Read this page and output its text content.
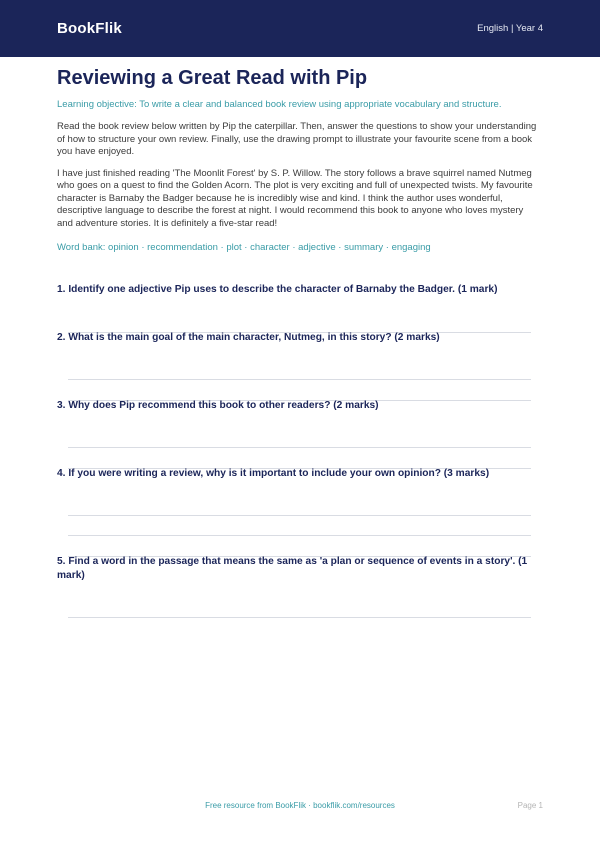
BookFlik	English | Year 4
Reviewing a Great Read with Pip
Learning objective: To write a clear and balanced book review using appropriate vocabulary and structure.
Read the book review below written by Pip the caterpillar. Then, answer the questions to show your understanding of how to structure your own review. Finally, use the drawing prompt to illustrate your favourite scene from a book you have enjoyed.
I have just finished reading 'The Moonlit Forest' by S. P. Willow. The story follows a brave squirrel named Nutmeg who goes on a quest to find the Golden Acorn. The plot is very exciting and full of unexpected twists. My favourite character is Barnaby the Badger because he is incredibly wise and kind. I think the author uses wonderful, descriptive language to describe the forest at night. I would recommend this book to anyone who loves mystery and adventure stories. It is definitely a five-star read!
Word bank: opinion · recommendation · plot · character · adjective · summary · engaging
1. Identify one adjective Pip uses to describe the character of Barnaby the Badger. (1 mark)
2. What is the main goal of the main character, Nutmeg, in this story? (2 marks)
3. Why does Pip recommend this book to other readers? (2 marks)
4. If you were writing a review, why is it important to include your own opinion? (3 marks)
5. Find a word in the passage that means the same as 'a plan or sequence of events in a story'. (1 mark)
Free resource from BookFlik · bookflik.com/resources	Page 1
